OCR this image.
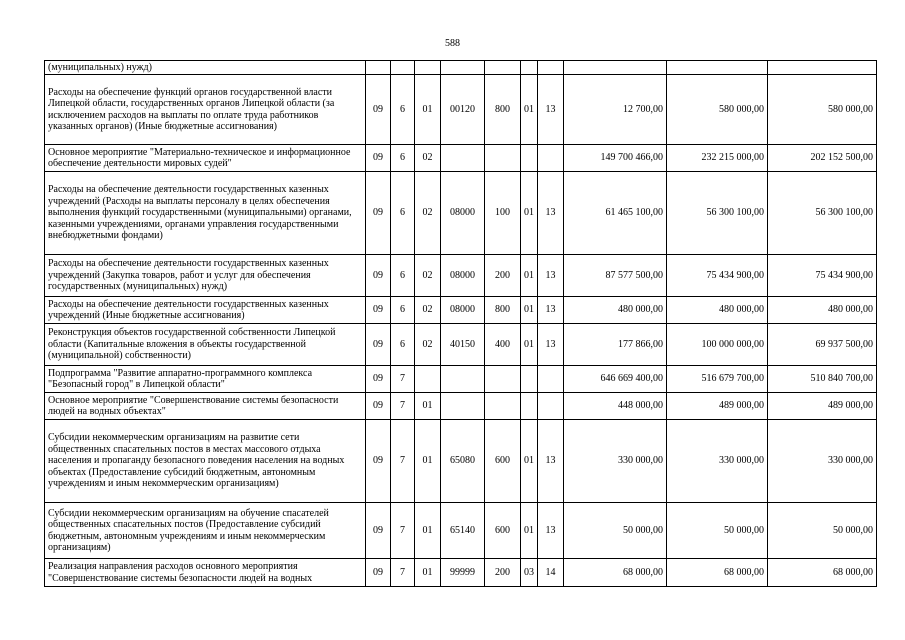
588
(муниципальных) нужд)										
Расходы на обеспечение функций органов государственной власти Липецкой области, государственных органов Липецкой области (за исключением расходов на выплаты по оплате труда работников указанных органов) (Иные бюджетные ассигнования)	09	6	01	00120	800	01	13	12 700,00	580 000,00	580 000,00
Основное мероприятие "Материально-техническое и информационное обеспечение деятельности мировых судей"	09	6	02					149 700 466,00	232 215 000,00	202 152 500,00
Расходы на обеспечение деятельности государственных казенных учреждений (Расходы на выплаты персоналу в целях обеспечения выполнения функций государственными (муниципальными) органами, казенными учреждениями, органами управления государственными внебюджетными фондами)	09	6	02	08000	100	01	13	61 465 100,00	56 300 100,00	56 300 100,00
Расходы на обеспечение деятельности государственных казенных учреждений (Закупка товаров, работ и услуг для обеспечения государственных (муниципальных) нужд)	09	6	02	08000	200	01	13	87 577 500,00	75 434 900,00	75 434 900,00
Расходы на обеспечение деятельности государственных казенных учреждений (Иные бюджетные ассигнования)	09	6	02	08000	800	01	13	480 000,00	480 000,00	480 000,00
Реконструкция объектов государственной собственности Липецкой области (Капитальные вложения в объекты государственной (муниципальной) собственности)	09	6	02	40150	400	01	13	177 866,00	100 000 000,00	69 937 500,00
Подпрограмма "Развитие аппаратно-программного комплекса "Безопасный город" в Липецкой области"	09	7						646 669 400,00	516 679 700,00	510 840 700,00
Основное мероприятие "Совершенствование системы безопасности людей на водных объектах"	09	7	01					448 000,00	489 000,00	489 000,00
Субсидии некоммерческим организациям на развитие сети общественных спасательных постов в местах массового отдыха населения и пропаганду безопасного поведения населения на водных объектах (Предоставление субсидий бюджетным, автономным учреждениям и иным некоммерческим организациям)	09	7	01	65080	600	01	13	330 000,00	330 000,00	330 000,00
Субсидии некоммерческим организациям на обучение спасателей общественных спасательных постов (Предоставление субсидий бюджетным, автономным учреждениям и иным некоммерческим организациям)	09	7	01	65140	600	01	13	50 000,00	50 000,00	50 000,00
Реализация направления расходов основного мероприятия "Совершенствование системы безопасности людей на водных	09	7	01	99999	200	03	14	68 000,00	68 000,00	68 000,00
